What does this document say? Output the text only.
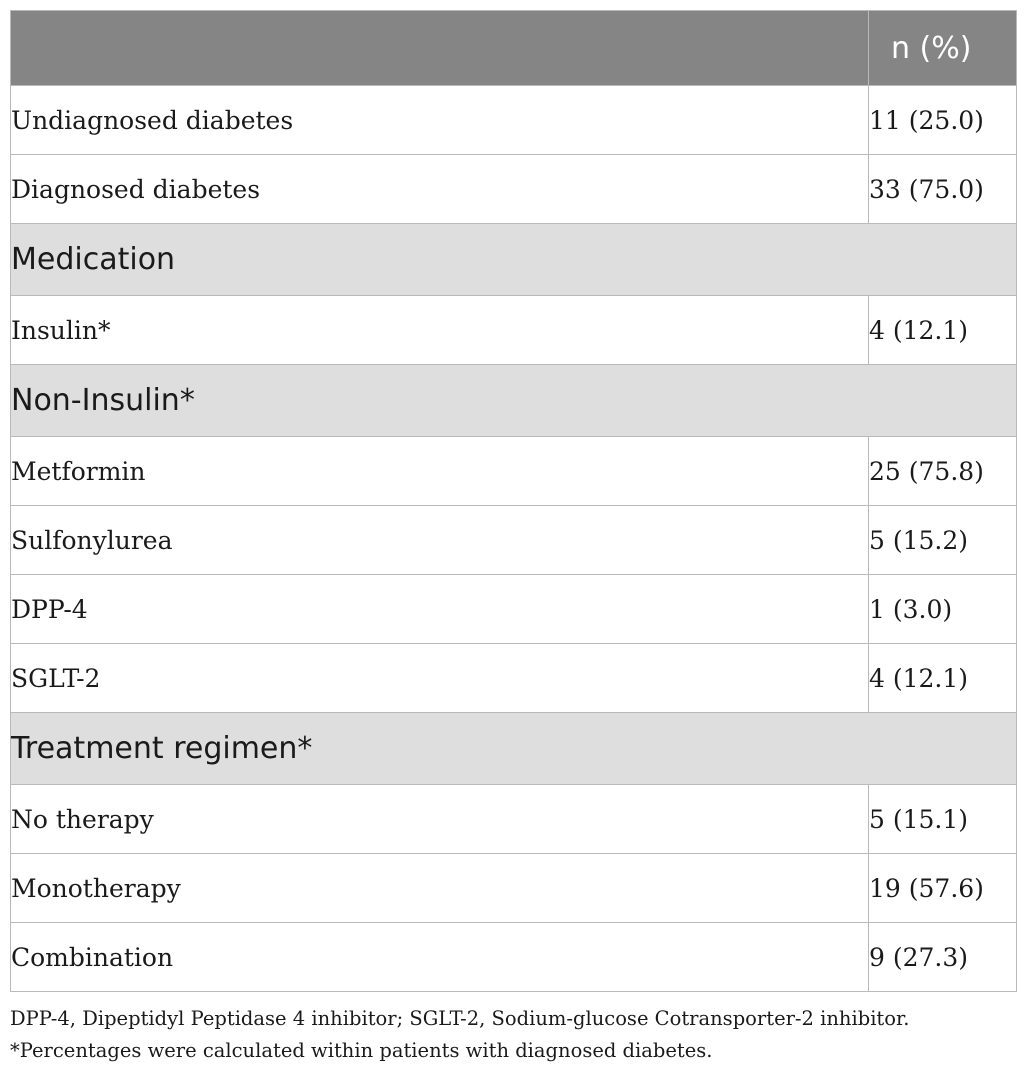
	n (%)
Undiagnosed diabetes	11 (25.0)
Diagnosed diabetes	33 (75.0)
Medication	
Insulin*	4 (12.1)
Non-Insulin*	
Metformin	25 (75.8)
Sulfonylurea	5 (15.2)
DPP-4	1 (3.0)
SGLT-2	4 (12.1)
Treatment regimen*	
No therapy	5 (15.1)
Monotherapy	19 (57.6)
Combination	9 (27.3)
DPP-4, Dipeptidyl Peptidase 4 inhibitor; SGLT-2, Sodium-glucose Cotransporter-2 inhibitor.
*Percentages were calculated within patients with diagnosed diabetes.
